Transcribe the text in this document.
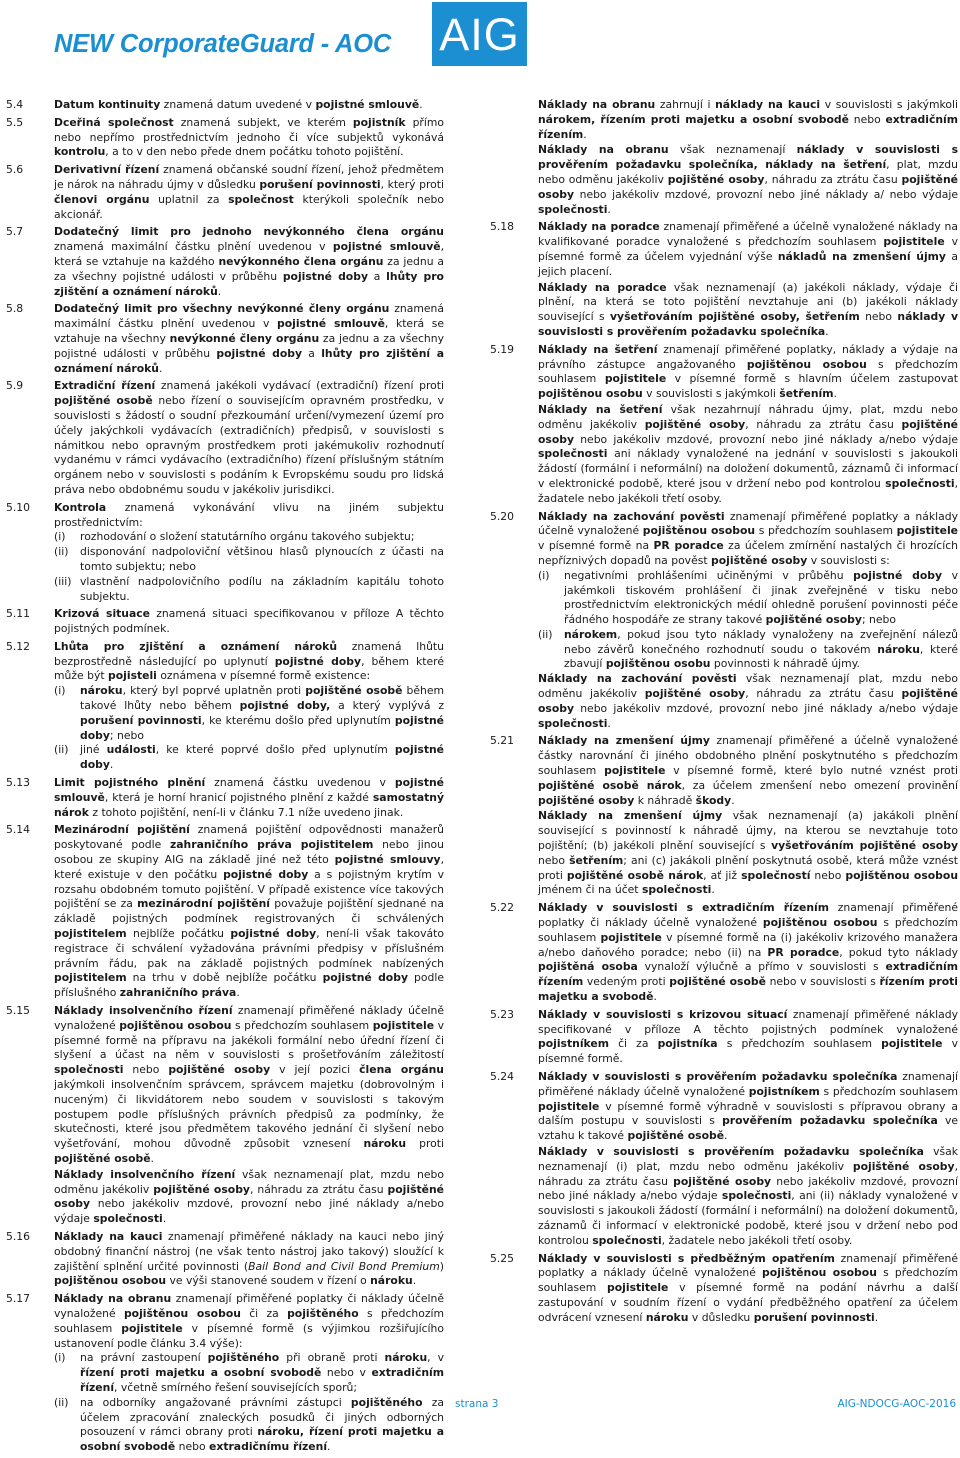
NEW CorporateGuard - AOC AIG
5.4	Datum kontinuity znamená datum uvedené v pojistné smlouvě.
5.5	Dceřiná společnost znamená subjekt, ve kterém pojistník přímo nebo nepřímo prostřednictvím jednoho či více subjektů vykonává kontrolu, a to v den nebo přede dnem počátku tohoto pojištění.
5.6	Derivativní řízení znamená občanské soudní řízení, jehož předmětem je nárok na náhradu újmy v důsledku porušení povinnosti, který proti členovi orgánu uplatnil za společnost kterýkoli společník nebo akcionář.
5.7	Dodatečný limit pro jednoho nevýkonného člena orgánu znamená maximální částku plnění uvedenou v pojistné smlouvě, která se vztahuje na každého nevýkonného člena orgánu za jednu a za všechny pojistné události v průběhu pojistné doby a lhůty pro zjištění a oznámení nároků.
5.8	Dodatečný limit pro všechny nevýkonné členy orgánu znamená maximální částku plnění uvedenou v pojistné smlouvě, která se vztahuje na všechny nevýkonné členy orgánu za jednu a za všechny pojistné události v průběhu pojistné doby a lhůty pro zjištění a oznámení nároků.
5.9	Extradiční řízení znamená jakékoli vydávací (extradiční) řízení proti pojištěné osobě nebo řízení o souvisejícím opravném prostředku, v souvislosti s žádostí o soudní přezkoumání určení/vymezení území pro účely jakýchkoli vydávacích (extradičních) předpisů, v souvislosti s námitkou nebo opravným prostředkem proti jakémukoliv rozhodnutí vydanému v rámci vydávacího (extradičního) řízení příslušným státním orgánem nebo v souvislosti s podáním k Evropskému soudu pro lidská práva nebo obdobnému soudu v jakékoliv jurisdikci.
5.10	Kontrola znamená vykonávání vlivu na jiném subjektu prostřednictvím:
(i)	rozhodování o složení statutárního orgánu takového subjektu;
(ii)	disponování nadpoloviční většinou hlasů plynoucích z účasti na tomto subjektu; nebo
(iii) vlastnění nadpolovičního podílu na základním kapitálu tohoto subjektu.
5.11	Krizová situace znamená situaci specifikovanou v příloze A těchto pojistných podmínek.
5.12	Lhůta pro zjištění a oznámení nároků znamená lhůtu bezprostředně následující po uplynutí pojistné doby, během které může být pojisteli oznámena v písemné formě existence:
(i)	nároku, který byl poprvé uplatněn proti pojištěné osobě během takové lhůty nebo během pojistné doby, a který vyplývá z porušení povinnosti, ke kterému došlo před uplynutím pojistné doby; nebo
(ii)	jiné události, ke které poprvé došlo před uplynutím pojistné doby.
5.13	Limit pojistného plnění znamená částku uvedenou v pojistné smlouvě, která je horní hranicí pojistného plnění z každé samostatný nárok z tohoto pojištění, není-li v článku 7.1 níže uvedeno jinak.
5.14	Mezinárodní pojištění znamená pojištění odpovědnosti manažerů poskytované podle zahraničního práva pojistitelem nebo jinou osobou ze skupiny AIG na základě jiné než této pojistné smlouvy, které existuje v den počátku pojistné doby a s pojistným krytím v rozsahu obdobném tomuto pojištění. V případě existence více takových pojištění se za mezinárodní pojištění považuje pojištění sjednané na základě pojistných podmínek registrovaných či schválených pojistitelem nejblíže počátku pojistné doby, není-li však takováto registrace či schválení vyžadována právními předpisy v příslušném právním řádu, pak na základě pojistných podmínek nabízených pojistitelem na trhu v době nejblíže počátku pojistné doby podle příslušného zahraničního práva.
5.15	Náklady insolvenčního řízení znamenají přiměřené náklady účelně vynaložené pojištěnou osobou s předchozím souhlasem pojistitele v písemné formě na přípravu na jakékoli formální nebo úřední řízení či slyšení a účast na něm v souvislosti s prošetřováním záležitostí společnosti nebo pojištěné osoby v její pozici člena orgánu jakýmkoli insolvenčním správcem, správcem majetku (dobrovolným i nuceným) či likvidátorem nebo soudem v souvislosti s takovým postupem podle příslušných právních předpisů za podmínky, že skutečnosti, které jsou předmětem takového jednání či slyšení nebo vyšetřování, mohou důvodně způsobit vznesení nároku proti pojištěné osobě.
Náklady insolvenčního řízení však neznamenají plat, mzdu nebo odměnu jakékoliv pojištěné osoby, náhradu za ztrátu času pojištěné osoby nebo jakékoliv mzdové, provozní nebo jiné náklady a/nebo výdaje společnosti.
5.16	Náklady na kauci znamenají přiměřené náklady na kauci nebo jiný obdobný finanční nástroj (ne však tento nástroj jako takový) sloužící k zajištění splnění určité povinnosti (Bail Bond and Civil Bond Premium) pojištěnou osobou ve výši stanovené soudem v řízení o nároku.
5.17	Náklady na obranu znamenají přiměřené poplatky či náklady účelně vynaložené pojištěnou osobou či za pojištěného s předchozím souhlasem pojistitele v písemné formě (s výjimkou rozšiřujícího ustanovení podle článku 3.4 výše):
(i)	na právní zastoupení pojištěného při obraně proti nároku, v řízení proti majetku a osobní svobodě nebo v extradičním řízení, včetně smírného řešení souvisejících sporů;
(ii)	na odborníky angažované právními zástupci pojištěného za účelem zpracování znaleckých posudků či jiných odborných posouzení v rámci obrany proti nároku, řízení proti majetku a osobní svobodě nebo extradičnímu řízení.
Náklady na obranu zahrnují i náklady na kauci v souvislosti s jakýmkoli nárokem, řízením proti majetku a osobní svobodě nebo extradičním řízením.
Náklady na obranu však neznamenají náklady v souvislosti s prověřením požadavku společníka, náklady na šetření, plat, mzdu nebo odměnu jakékoliv pojištěné osoby, náhradu za ztrátu času pojištěné osoby nebo jakékoliv mzdové, provozní nebo jiné náklady a/ nebo výdaje společnosti.
5.18	Náklady na poradce znamenají přiměřené a účelně vynaložené náklady na kvalifikované poradce vynaložené s předchozím souhlasem pojistitele v písemné formě za účelem vyjednání výše nákladů na zmenšení újmy a jejich placení.
Náklady na poradce však neznamenají (a) jakékoli náklady, výdaje či plnění, na která se toto pojištění nevztahuje ani (b) jakékoli náklady související s vyšetřováním pojištěné osoby, šetřením nebo náklady v souvislosti s prověřením požadavku společníka.
5.19	Náklady na šetření znamenají přiměřené poplatky, náklady a výdaje na právního zástupce angažovaného pojištěnou osobou s předchozím souhlasem pojistitele v písemné formě s hlavním účelem zastupovat pojištěnou osobu v souvislosti s jakýmkoli šetřením.
Náklady na šetření však nezahrnují náhradu újmy, plat, mzdu nebo odměnu jakékoliv pojištěné osoby, náhradu za ztrátu času pojištěné osoby nebo jakékoliv mzdové, provozní nebo jiné náklady a/nebo výdaje společnosti ani náklady vynaložené na jednání v souvislosti s jakoukoli žádostí (formální i neformální) na doložení dokumentů, záznamů či informací v elektronické podobě, které jsou v držení nebo pod kontrolou společnosti, žadatele nebo jakékoli třetí osoby.
5.20	Náklady na zachování pověsti znamenají přiměřené poplatky a náklady účelně vynaložené pojištěnou osobou s předchozím souhlasem pojistitele v písemné formě na PR poradce za účelem zmírnění nastalých či hrozících nepříznivých dopadů na pověst pojištěné osoby v souvislosti s:
(i)	negativními prohlášeními učiněnými v průběhu pojistné doby v jakémkoli tiskovém prohlášení či jinak zveřejněné v tisku nebo prostřednictvím elektronických médií ohledně porušení povinnosti péče řádného hospodáře ze strany takové pojištěné osoby; nebo
(ii)	nárokem, pokud jsou tyto náklady vynaloženy na zveřejnění nálezů nebo závěrů konečného rozhodnutí soudu o takovém nároku, které zbavují pojištěnou osobu povinnosti k náhradě újmy.
Náklady na zachování pověsti však neznamenají plat, mzdu nebo odměnu jakékoliv pojištěné osoby, náhradu za ztrátu času pojištěné osoby nebo jakékoliv mzdové, provozní nebo jiné náklady a/nebo výdaje společnosti.
5.21	Náklady na zmenšení újmy znamenají přiměřené a účelně vynaložené částky narovnání či jiného obdobného plnění poskytnutého s předchozím souhlasem pojistitele v písemné formě, které bylo nutné vznést proti pojištěné osobě nárok, za účelem zmenšení nebo omezení provinění pojištěné osoby k náhradě škody.
Náklady na zmenšení újmy však neznamenají (a) jakákoli plnění související s povinností k náhradě újmy, na kterou se nevztahuje toto pojištění; (b) jakékoli plnění související s vyšetřováním pojištěné osoby nebo šetřením; ani (c) jakákoli plnění poskytnutá osobě, která může vznést proti pojištěné osobě nárok, ať již společností nebo pojištěnou osobou jménem či na účet společnosti.
5.22	Náklady v souvislosti s extradičním řízením znamenají přiměřené poplatky či náklady účelně vynaložené pojištěnou osobou s předchozím souhlasem pojistitele v písemné formě na (i) jakékoliv krizového manažera a/nebo daňového poradce; nebo (ii) na PR poradce, pokud tyto náklady pojištěná osoba vynaloží výlučně a přímo v souvislosti s extradičním řízením vedeným proti pojištěné osobě nebo v souvislosti s řízením proti majetku a svobodě.
5.23	Náklady v souvislosti s krizovou situací znamenají přiměřené náklady specifikované v příloze A těchto pojistných podmínek vynaložené pojistníkem či za pojistníka s předchozím souhlasem pojistitele v písemné formě.
5.24	Náklady v souvislosti s prověřením požadavku společníka znamenají přiměřené náklady účelně vynaložené pojistníkem s předchozím souhlasem pojistitele v písemné formě výhradně v souvislosti s přípravou obrany a dalším postupu v souvislosti s prověřením požadavku společníka ve vztahu k takové pojištěné osobě.
Náklady v souvislosti s prověřením požadavku společníka však neznamenají (i) plat, mzdu nebo odměnu jakékoliv pojištěné osoby, náhradu za ztrátu času pojištěné osoby nebo jakékoliv mzdové, provozní nebo jiné náklady a/nebo výdaje společnosti, ani (ii) náklady vynaložené v souvislosti s jakoukoli žádostí (formální i neformální) na doložení dokumentů, záznamů či informací v elektronické podobě, které jsou v držení nebo pod kontrolou společnosti, žadatele nebo jakékoli třetí osoby.
5.25	Náklady v souvislosti s předběžným opatřením znamenají přiměřené poplatky a náklady účelně vynaložené pojištěnou osobou s předchozím souhlasem pojistitele v písemné formě na podání návrhu a další zastupování v soudním řízení o vydání předběžného opatření za účelem odvrácení vznesení nároku v důsledku porušení povinnosti.
strana 3	AIG-NDOCG-AOC-2016
